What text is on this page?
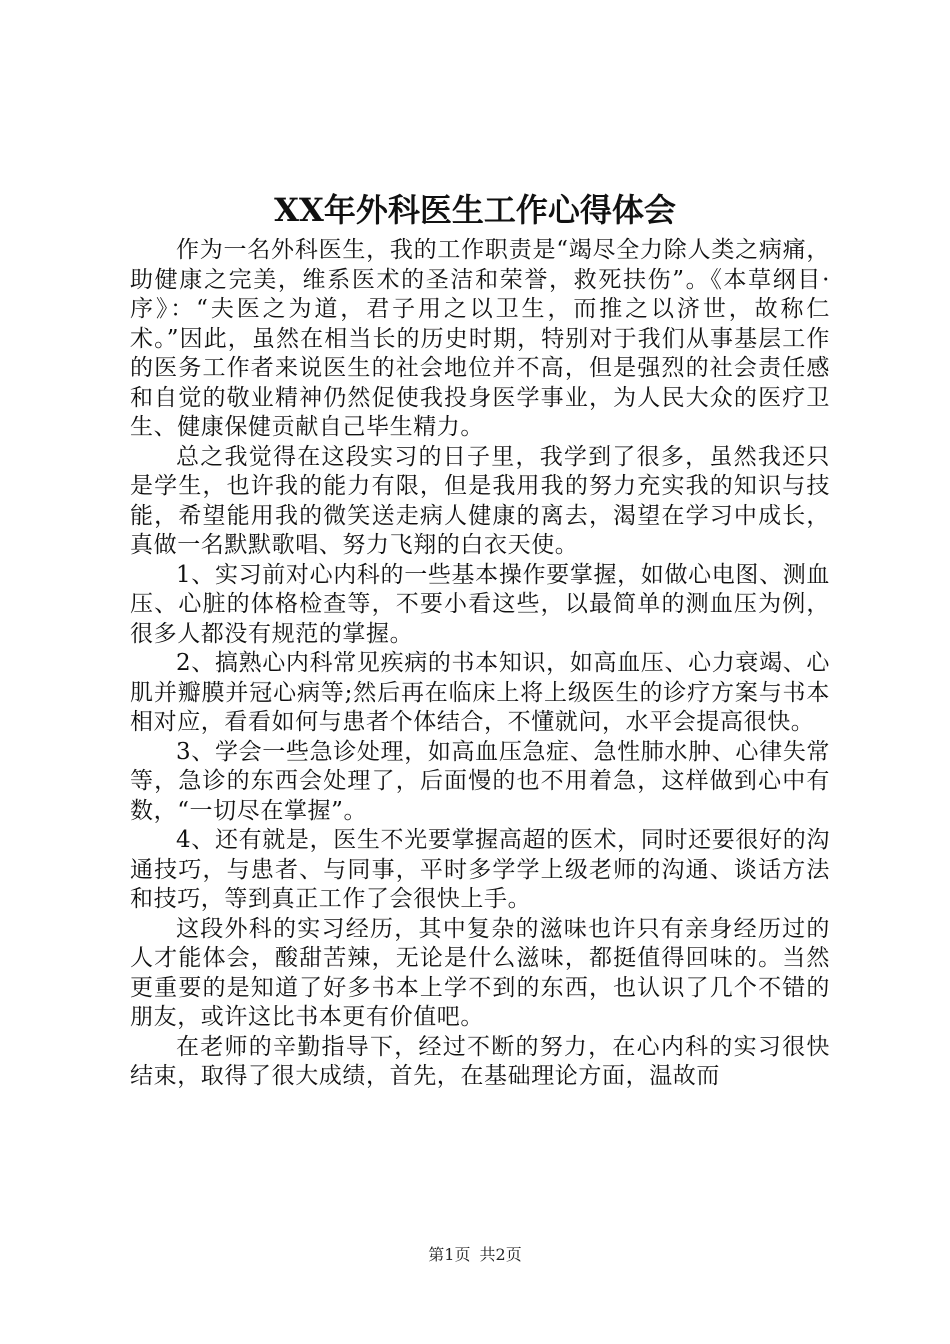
XX年外科医生工作心得体会

作为一名外科医生，我的工作职责是“竭尽全力除人类之病痛，助健康之完美，维系医术的圣洁和荣誉，救死扶伤”。《本草纲目·序》：“夫医之为道，君子用之以卫生，而推之以济世，故称仁术。”因此，虽然在相当长的历史时期，特别对于我们从事基层工作的医务工作者来说医生的社会地位并不高，但是强烈的社会责任感和自觉的敬业精神仍然促使我投身医学事业，为人民大众的医疗卫生、健康保健贡献自己毕生精力。

总之我觉得在这段实习的日子里，我学到了很多，虽然我还只是学生，也许我的能力有限，但是我用我的努力充实我的知识与技能，希望能用我的微笑送走病人健康的离去，渴望在学习中成长，真做一名默默歌唱、努力飞翔的白衣天使。

1、实习前对心内科的一些基本操作要掌握，如做心电图、测血压、心脏的体格检查等，不要小看这些，以最简单的测血压为例，很多人都没有规范的掌握。

2、搞熟心内科常见疾病的书本知识，如高血压、心力衰竭、心肌并瓣膜并冠心病等;然后再在临床上将上级医生的诊疗方案与书本相对应，看看如何与患者个体结合，不懂就问，水平会提高很快。

3、学会一些急诊处理，如高血压急症、急性肺水肿、心律失常等，急诊的东西会处理了，后面慢的也不用着急，这样做到心中有数，“一切尽在掌握”。

4、还有就是，医生不光要掌握高超的医术，同时还要很好的沟通技巧，与患者、与同事，平时多学学上级老师的沟通、谈话方法和技巧，等到真正工作了会很快上手。

这段外科的实习经历，其中复杂的滋味也许只有亲身经历过的人才能体会，酸甜苦辣，无论是什么滋味，都挺值得回味的。当然更重要的是知道了好多书本上学不到的东西，也认识了几个不错的朋友，或许这比书本更有价值吧。

在老师的辛勤指导下，经过不断的努力，在心内科的实习很快结束，取得了很大成绩，首先，在基础理论方面，温故而

第1页 共2页
